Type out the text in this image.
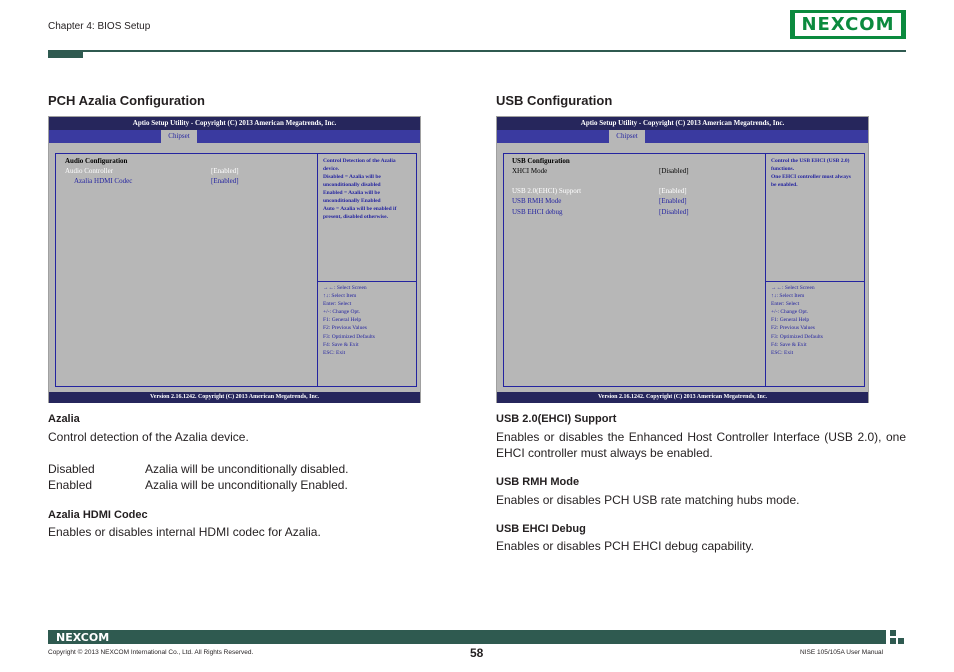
Chapter 4: BIOS Setup	NEXCOM
PCH Azalia Configuration
Aptio Setup Utility - Copyright (C) 2013 American Megatrends, Inc.
Chipset
Audio Configuration
Audio Controller	[Enabled]
Azalia HDMI Codec	[Enabled]
Control Detection of the Azalia
device.
Disabled = Azalia will be
unconditionally disabled
Enabled = Azalia will be
unconditionally Enabled
Auto = Azalia will be enabled if
present, disabled otherwise.
→←: Select Screen
↑↓: Select Item
Enter: Select
+/-: Change Opt.
F1: General Help
F2: Previous Values
F3: Optimized Defaults
F4: Save & Exit
ESC: Exit
Version 2.16.1242. Copyright (C) 2013 American Megatrends, Inc.
Azalia
Control detection of the Azalia device.
Disabled	Azalia will be unconditionally disabled.
Enabled	Azalia will be unconditionally Enabled.
Azalia HDMI Codec
Enables or disables internal HDMI codec for Azalia.
USB Configuration
Aptio Setup Utility - Copyright (C) 2013 American Megatrends, Inc.
Chipset
USB Configuration
XHCI Mode	[Disabled]
USB 2.0(EHCI) Support	[Enabled]
USB RMH Mode	[Enabled]
USB EHCI debug	[Disabled]
Control the USB EHCI (USB 2.0)
functions.
One EHCI controller must always
be enabled.
→←: Select Screen
↑↓: Select Item
Enter: Select
+/-: Change Opt.
F1: General Help
F2: Previous Values
F3: Optimized Defaults
F4: Save & Exit
ESC: Exit
Version 2.16.1242. Copyright (C) 2013 American Megatrends, Inc.
USB 2.0(EHCI) Support
Enables or disables the Enhanced Host Controller Interface (USB 2.0), one EHCI controller must always be enabled.
USB RMH Mode
Enables or disables PCH USB rate matching hubs mode.
USB EHCI Debug
Enables or disables PCH EHCI debug capability.
NEXCOM
Copyright © 2013 NEXCOM International Co., Ltd. All Rights Reserved.	58	NISE 105/105A User Manual
